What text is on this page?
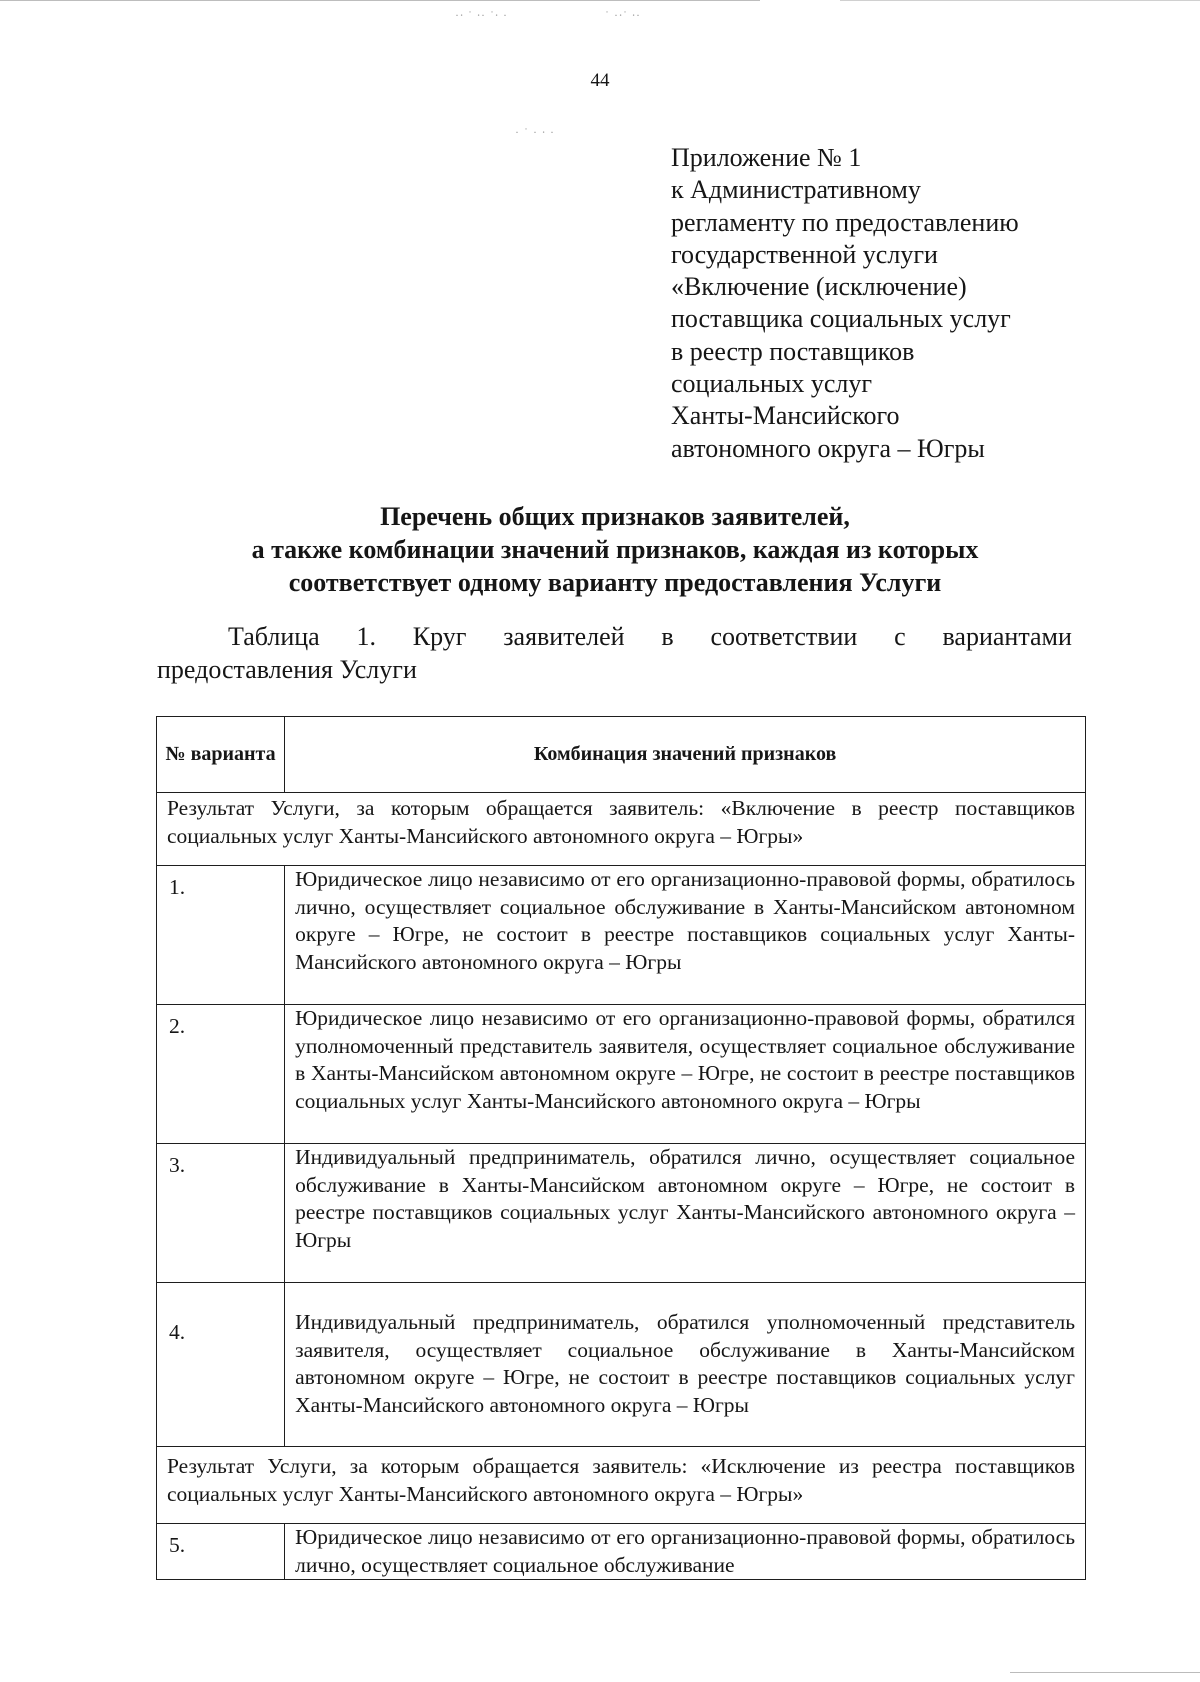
·∙ ˙ ∙· ˙∙ ·	˙ ·∙˙ ∙·
· ˙ · ∙ ·
44
Приложение № 1
к Административному
регламенту по предоставлению
государственной услуги
«Включение (исключение)
поставщика социальных услуг
в реестр поставщиков
социальных услуг
Ханты-Мансийского
автономного округа – Югры
Перечень общих признаков заявителей,
а также комбинации значений признаков, каждая из которых
соответствует одному варианту предоставления Услуги
Таблица 1. Круг заявителей в соответствии с вариантами
предоставления Услуги
№ варианта	Комбинация значений признаков
Результат Услуги, за которым обращается заявитель: «Включение в реестр поставщиков социальных услуг Ханты-Мансийского автономного округа – Югры»	
1.	Юридическое лицо независимо от его организационно-правовой формы, обратилось лично, осуществляет социальное обслуживание в Ханты-Мансийском автономном округе – Югре, не состоит в реестре поставщиков социальных услуг Ханты-Мансийского автономного округа – Югры
2.	Юридическое лицо независимо от его организационно-правовой формы, обратился уполномоченный представитель заявителя, осуществляет социальное обслуживание в Ханты-Мансийском автономном округе – Югре, не состоит в реестре поставщиков социальных услуг Ханты-Мансийского автономного округа – Югры
3.	Индивидуальный предприниматель, обратился лично, осуществляет социальное обслуживание в Ханты-Мансийском автономном округе – Югре, не состоит в реестре поставщиков социальных услуг Ханты-Мансийского автономного округа – Югры
4.	Индивидуальный предприниматель, обратился уполномоченный представитель заявителя, осуществляет социальное обслуживание в Ханты-Мансийском автономном округе – Югре, не состоит в реестре поставщиков социальных услуг Ханты-Мансийского автономного округа – Югры
Результат Услуги, за которым обращается заявитель: «Исключение из реестра поставщиков социальных услуг Ханты-Мансийского автономного округа – Югры»	
5.	Юридическое лицо независимо от его организационно-правовой формы, обратилось лично, осуществляет социальное обслуживание
